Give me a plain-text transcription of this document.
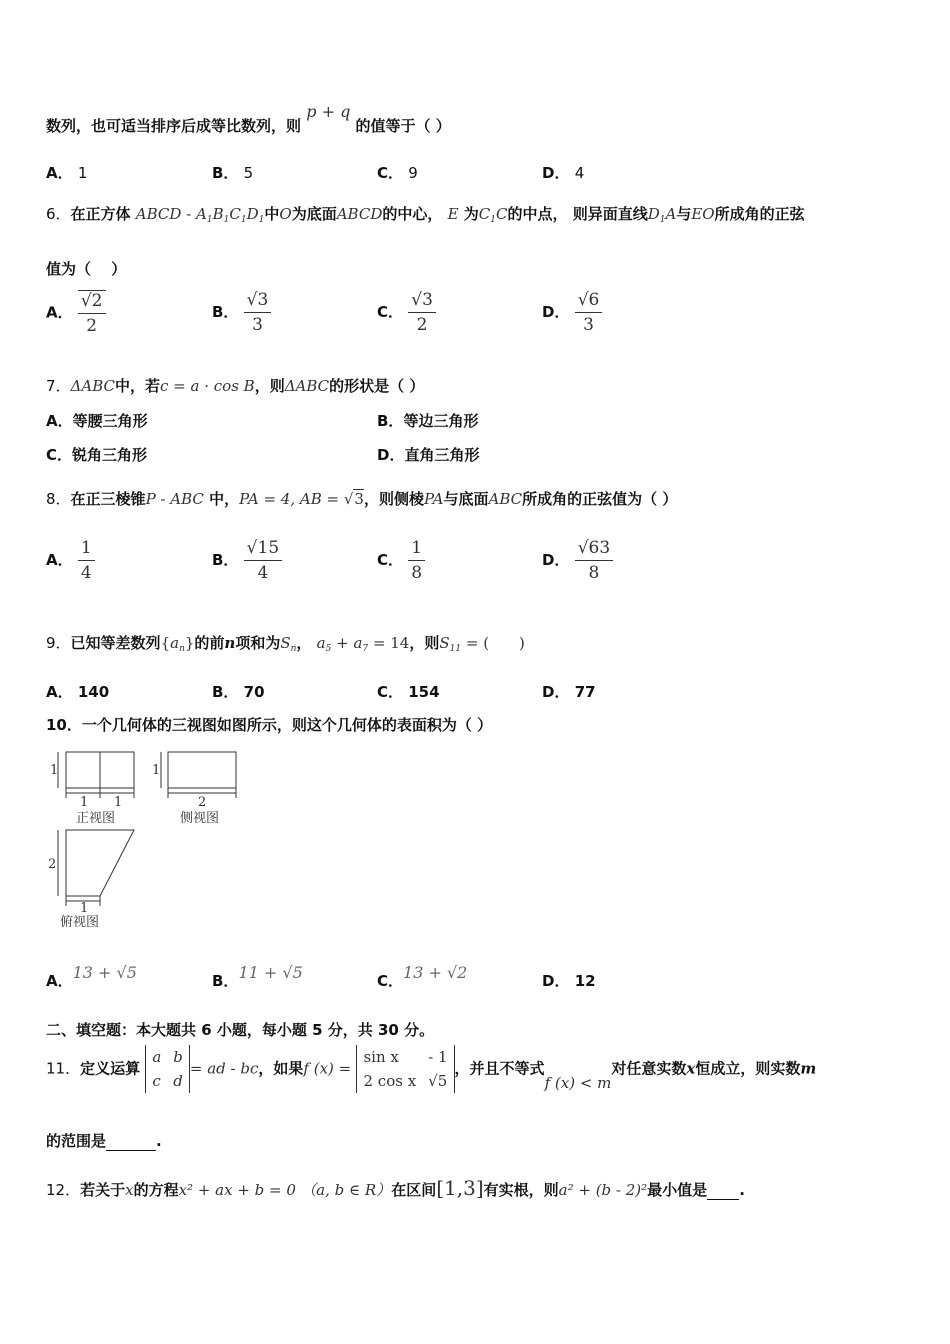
数列，也可适当排序后成等比数列，则 p + q 的值等于（ ）
A． 1	B． 5	C． 9	D． 4
6．在正方体 ABCD - $A_1B_1C_1D_1$中O为底面ABCD的中心， E 为$C_1C$的中点， 则异面直线$D_1A$与EO所成角的正弦
值为（　 ）
A． $\frac{√2}{2}$	B． $\frac{√3}{3}$	C． $\frac{√3}{2}$	D． $\frac{√6}{3}$
7．ΔABC中，若c = a · cos B，则ΔABC的形状是（ ）
A．等腰三角形	B．等边三角形
C．锐角三角形	D．直角三角形
8．在正三棱锥P - ABC 中，PA = 4, AB = √3，则侧棱PA与底面ABC所成角的正弦值为（ ）
A． $\frac{1}{4}$	B． $\frac{√15}{4}$	C． $\frac{1}{8}$	D． $\frac{√63}{8}$
9．已知等差数列$\{a_n\}$的前n项和为$S_n$， $a_5 + a_7 = 14$，则$S_{11}$ = (　　)
A． 140	B． 70	C． 154	D． 77
10．一个几何体的三视图如图所示，则这个几何体的表面积为（ ）
1
1 1
正视图
1
2
侧视图
2
1
俯视图
A．13 + √5	B．11 + √5	C．13 + √2	D． 12
二、填空题：本大题共 6 小题，每小题 5 分，共 30 分。
11．定义运算 a	b
c	d= ad - bc，如果f (x) = sin x	- 1
2 cos x	√5，并且不等式f (x) < m对任意实数x恒成立，则实数m
的范围是	.
12．若关于x的方程x² + ax + b = 0 （a, b ∈ R）在区间[1,3]有实根，则a² + (b - 2)²最小值是 .
